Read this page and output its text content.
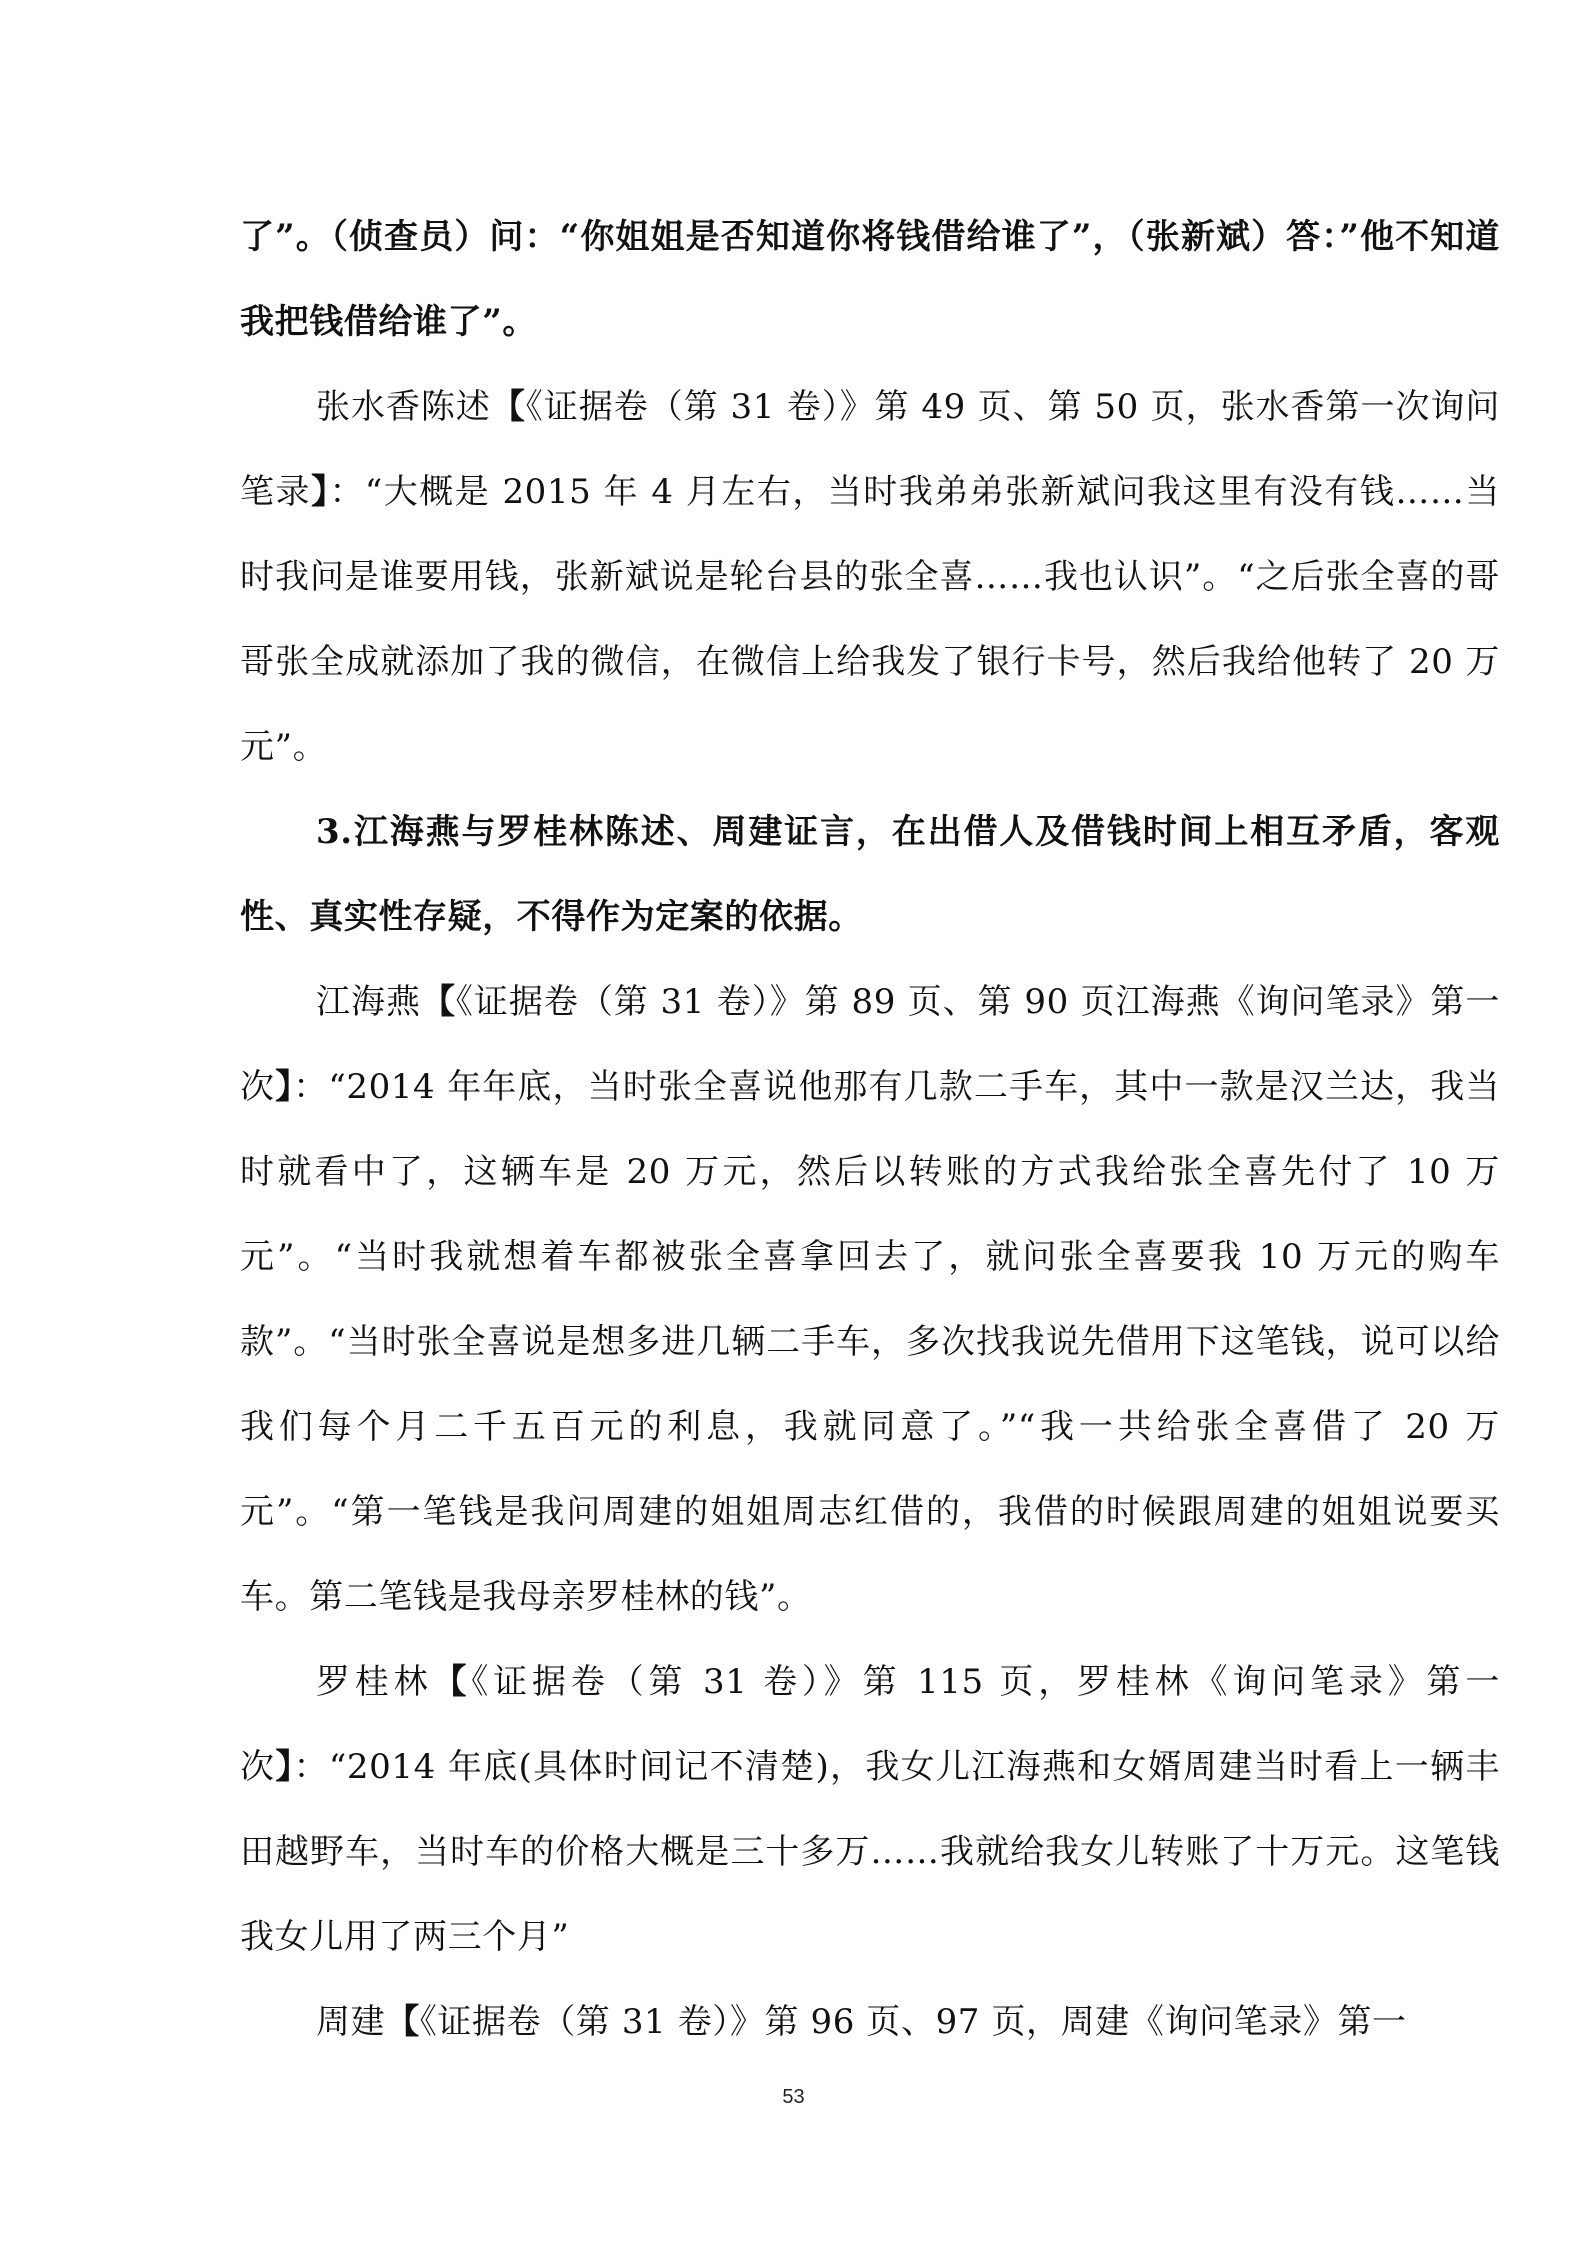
了”。（侦查员）问：“你姐姐是否知道你将钱借给谁了”，（张新斌）答：”他不知道我把钱借给谁了”。

张水香陈述【《证据卷（第 31 卷）》第 49 页、第 50 页，张水香第一次询问笔录】：“大概是 2015 年 4 月左右，当时我弟弟张新斌问我这里有没有钱……当时我问是谁要用钱，张新斌说是轮台县的张全喜……我也认识”。“之后张全喜的哥哥张全成就添加了我的微信，在微信上给我发了银行卡号，然后我给他转了 20 万元”。

3.江海燕与罗桂林陈述、周建证言，在出借人及借钱时间上相互矛盾，客观性、真实性存疑，不得作为定案的依据。

江海燕【《证据卷（第 31 卷）》第 89 页、第 90 页江海燕《询问笔录》第一次】：“2014 年年底，当时张全喜说他那有几款二手车，其中一款是汉兰达，我当时就看中了，这辆车是 20 万元，然后以转账的方式我给张全喜先付了 10 万元”。“当时我就想着车都被张全喜拿回去了，就问张全喜要我 10 万元的购车款”。“当时张全喜说是想多进几辆二手车，多次找我说先借用下这笔钱，说可以给我们每个月二千五百元的利息，我就同意了。”“我一共给张全喜借了 20 万元”。“第一笔钱是我问周建的姐姐周志红借的，我借的时候跟周建的姐姐说要买车。第二笔钱是我母亲罗桂林的钱”。

罗桂林【《证据卷（第 31 卷）》第 115 页，罗桂林《询问笔录》第一次】：“2014 年底(具体时间记不清楚)，我女儿江海燕和女婿周建当时看上一辆丰田越野车，当时车的价格大概是三十多万……我就给我女儿转账了十万元。这笔钱我女儿用了两三个月”

周建【《证据卷（第 31 卷）》第 96 页、97 页，周建《询问笔录》第一

53
